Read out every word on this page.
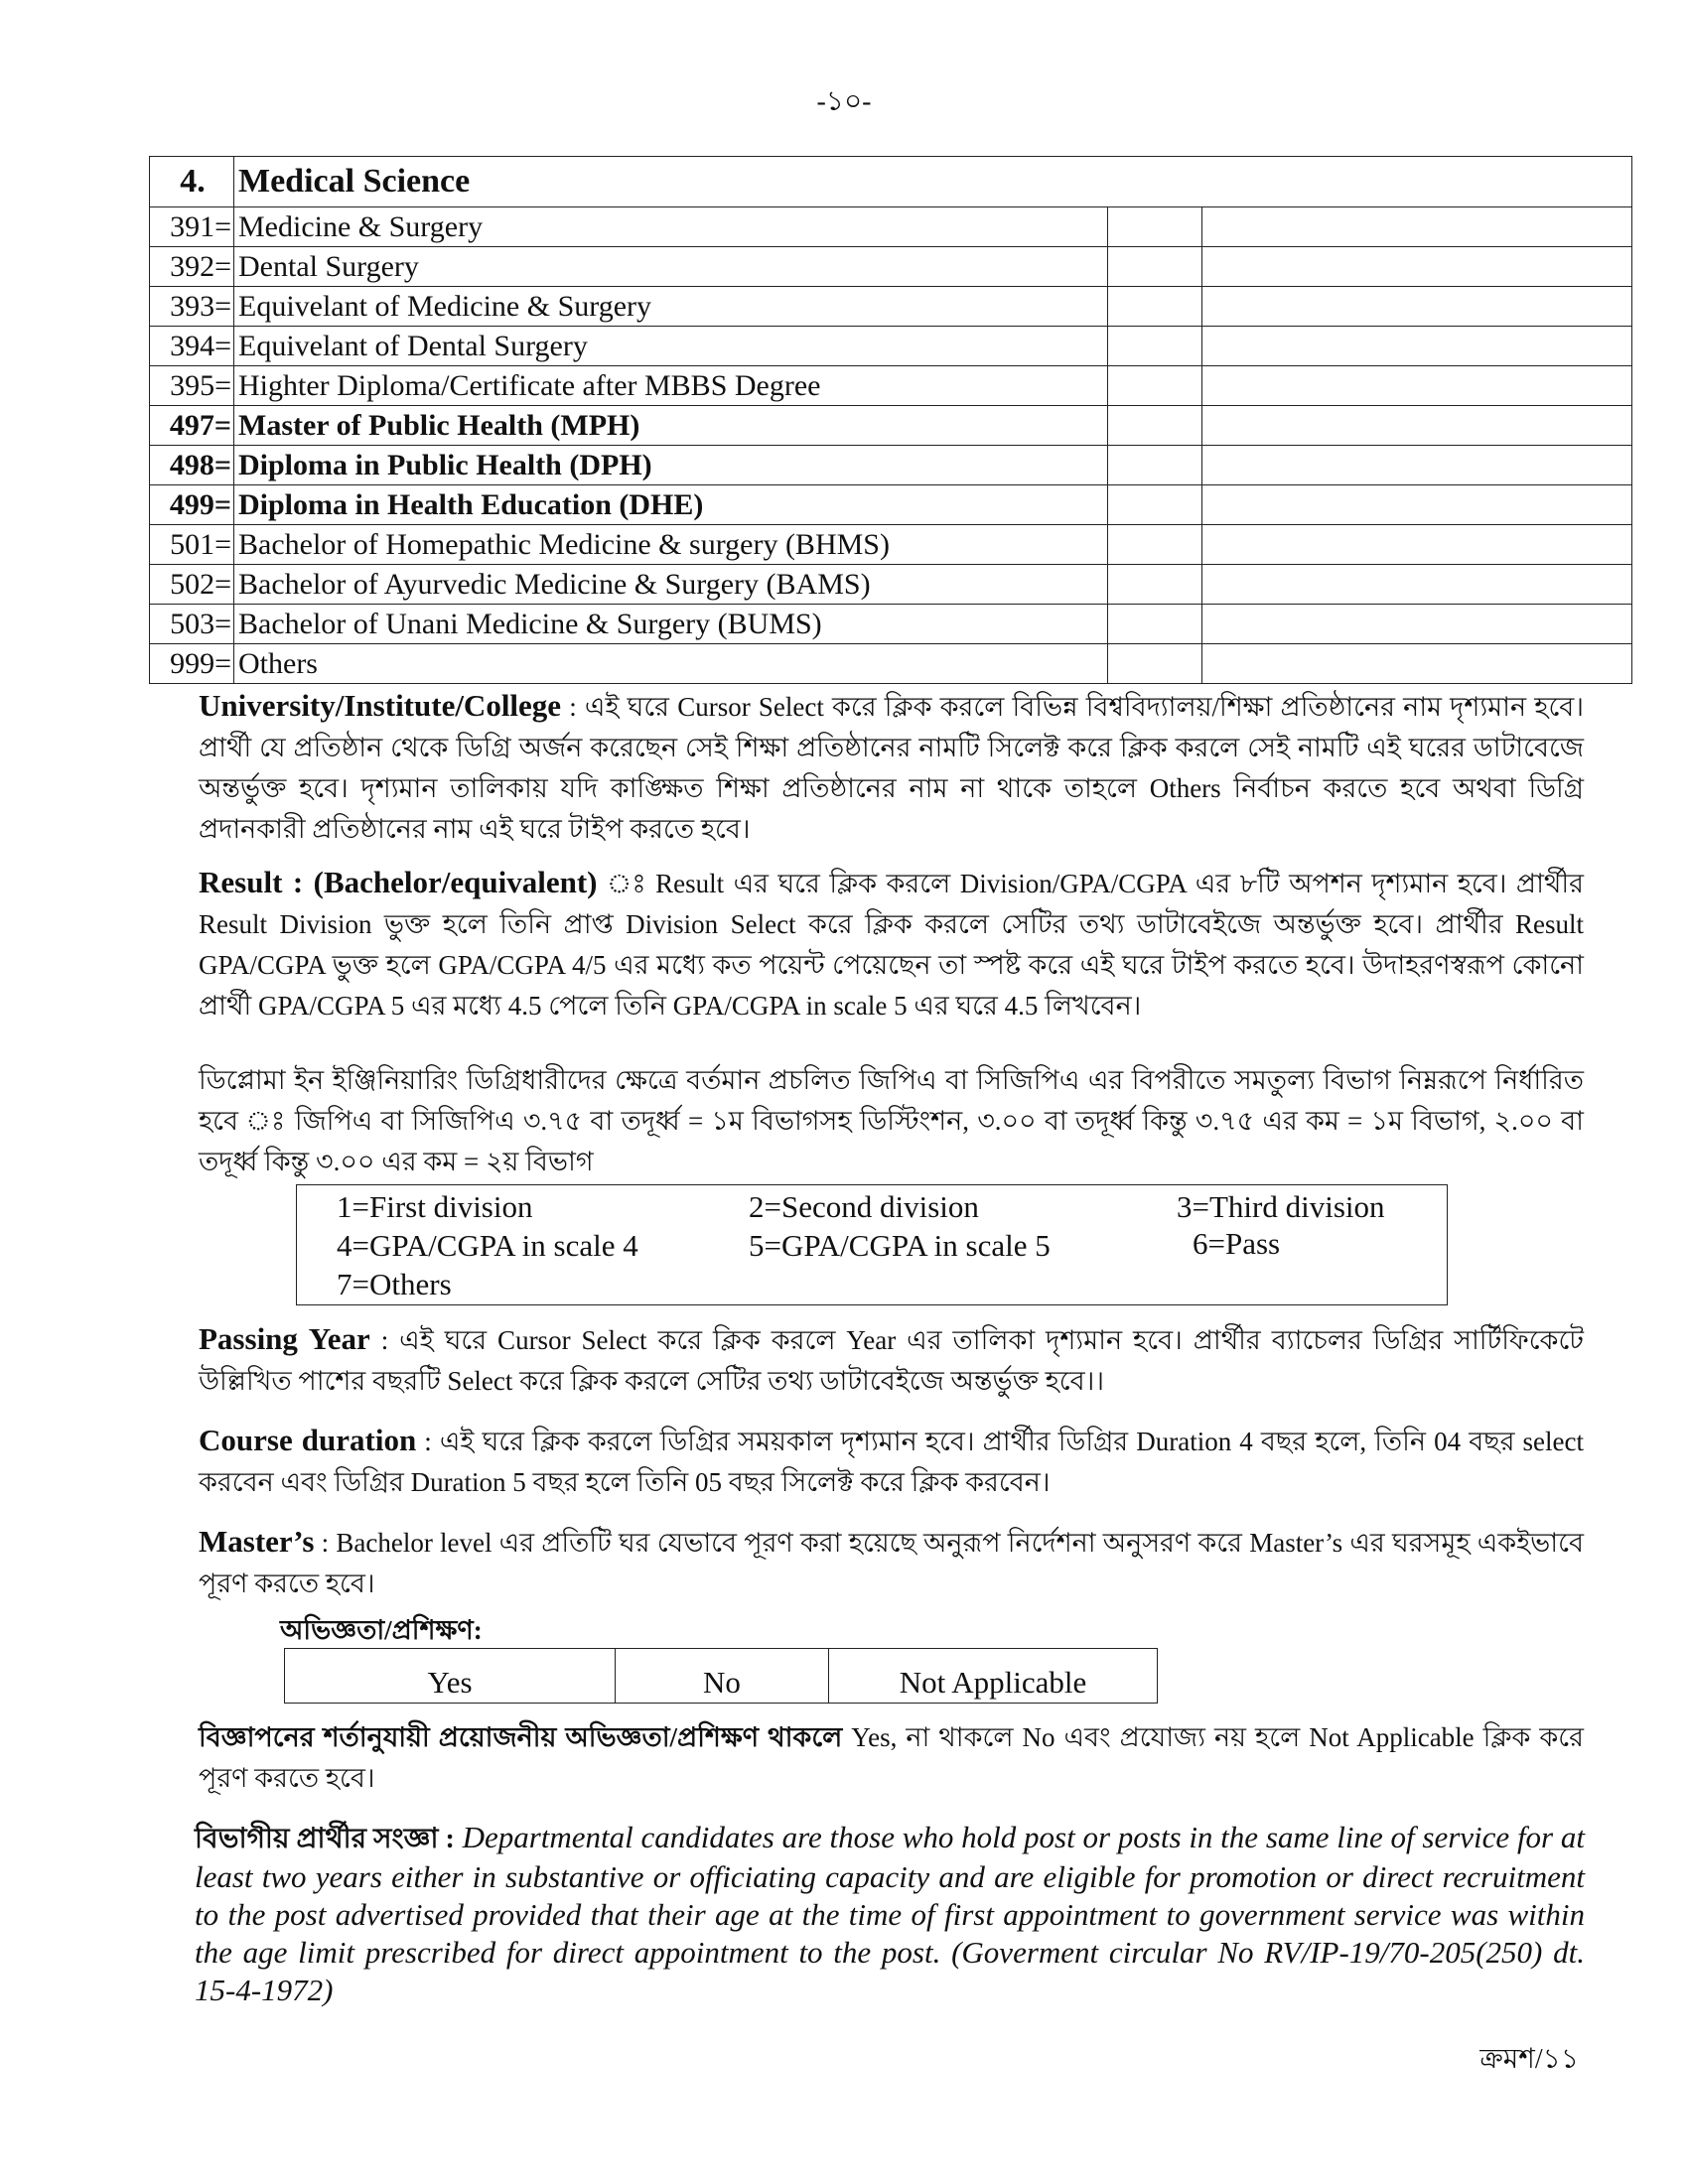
-১০-
4.	Medical Science		
391=	Medicine & Surgery		
392=	Dental Surgery		
393=	Equivelant of Medicine & Surgery		
394=	Equivelant of Dental Surgery		
395=	Highter Diploma/Certificate after MBBS Degree		
497=	Master of Public Health (MPH)		
498=	Diploma in Public Health (DPH)		
499=	Diploma in Health Education (DHE)		
501=	Bachelor of Homepathic Medicine & surgery (BHMS)		
502=	Bachelor of Ayurvedic Medicine & Surgery (BAMS)		
503=	Bachelor of Unani Medicine & Surgery (BUMS)		
999=	Others		
University/Institute/College : এই ঘরে Cursor Select করে ক্লিক করলে বিভিন্ন বিশ্ববিদ্যালয়/শিক্ষা প্রতিষ্ঠানের নাম দৃশ্যমান হবে। প্রার্থী যে প্রতিষ্ঠান থেকে ডিগ্রি অর্জন করেছেন সেই শিক্ষা প্রতিষ্ঠানের নামটি সিলেক্ট করে ক্লিক করলে সেই নামটি এই ঘরের ডাটাবেজে অন্তর্ভুক্ত হবে। দৃশ্যমান তালিকায় যদি কাঙ্ক্ষিত শিক্ষা প্রতিষ্ঠানের নাম না থাকে তাহলে Others নির্বাচন করতে হবে অথবা ডিগ্রি প্রদানকারী প্রতিষ্ঠানের নাম এই ঘরে টাইপ করতে হবে।
Result : (Bachelor/equivalent) ঃ Result এর ঘরে ক্লিক করলে Division/GPA/CGPA এর ৮টি অপশন দৃশ্যমান হবে। প্রার্থীর Result Division ভুক্ত হলে তিনি প্রাপ্ত Division Select করে ক্লিক করলে সেটির তথ্য ডাটাবেইজে অন্তর্ভুক্ত হবে। প্রার্থীর Result GPA/CGPA ভুক্ত হলে GPA/CGPA 4/5 এর মধ্যে কত পয়েন্ট পেয়েছেন তা স্পষ্ট করে এই ঘরে টাইপ করতে হবে। উদাহরণস্বরূপ কোনো প্রার্থী GPA/CGPA 5 এর মধ্যে 4.5 পেলে তিনি GPA/CGPA in scale 5 এর ঘরে 4.5 লিখবেন।
ডিপ্লোমা ইন ইঞ্জিনিয়ারিং ডিগ্রিধারীদের ক্ষেত্রে বর্তমান প্রচলিত জিপিএ বা সিজিপিএ এর বিপরীতে সমতুল্য বিভাগ নিম্নরূপে নির্ধারিত হবে ঃ জিপিএ বা সিজিপিএ ৩.৭৫ বা তদূর্ধ্ব = ১ম বিভাগসহ ডিস্টিংশন, ৩.০০ বা তদূর্ধ্ব কিন্তু ৩.৭৫ এর কম = ১ম বিভাগ, ২.০০ বা তদূর্ধ্ব কিন্তু ৩.০০ এর কম = ২য় বিভাগ
1=First division	2=Second division	3=Third division
4=GPA/CGPA in scale 4	5=GPA/CGPA in scale 5	6=Pass
7=Others
Passing Year : এই ঘরে Cursor Select করে ক্লিক করলে Year এর তালিকা দৃশ্যমান হবে। প্রার্থীর ব্যাচেলর ডিগ্রির সার্টিফিকেটে উল্লিখিত পাশের বছরটি Select করে ক্লিক করলে সেটির তথ্য ডাটাবেইজে অন্তর্ভুক্ত হবে।।
Course duration : এই ঘরে ক্লিক করলে ডিগ্রির সময়কাল দৃশ্যমান হবে। প্রার্থীর ডিগ্রির Duration 4 বছর হলে, তিনি 04 বছর select করবেন এবং ডিগ্রির Duration 5 বছর হলে তিনি 05 বছর সিলেক্ট করে ক্লিক করবেন।
Master’s : Bachelor level এর প্রতিটি ঘর যেভাবে পূরণ করা হয়েছে অনুরূপ নির্দেশনা অনুসরণ করে Master’s এর ঘরসমূহ একইভাবে পূরণ করতে হবে।
অভিজ্ঞতা/প্রশিক্ষণ:
Yes	No	Not Applicable
বিজ্ঞাপনের শর্তানুযায়ী প্রয়োজনীয় অভিজ্ঞতা/প্রশিক্ষণ থাকলে Yes, না থাকলে No এবং প্রযোজ্য নয় হলে Not Applicable ক্লিক করে পূরণ করতে হবে।
বিভাগীয় প্রার্থীর সংজ্ঞা : Departmental candidates are those who hold post or posts in the same line of service for at least two years either in substantive or officiating capacity and are eligible for promotion or direct recruitment to the post advertised provided that their age at the time of first appointment to government service was within the age limit prescribed for direct appointment to the post. (Goverment circular No RV/IP-19/70-205(250) dt. 15-4-1972)
ক্রমশ/১১
